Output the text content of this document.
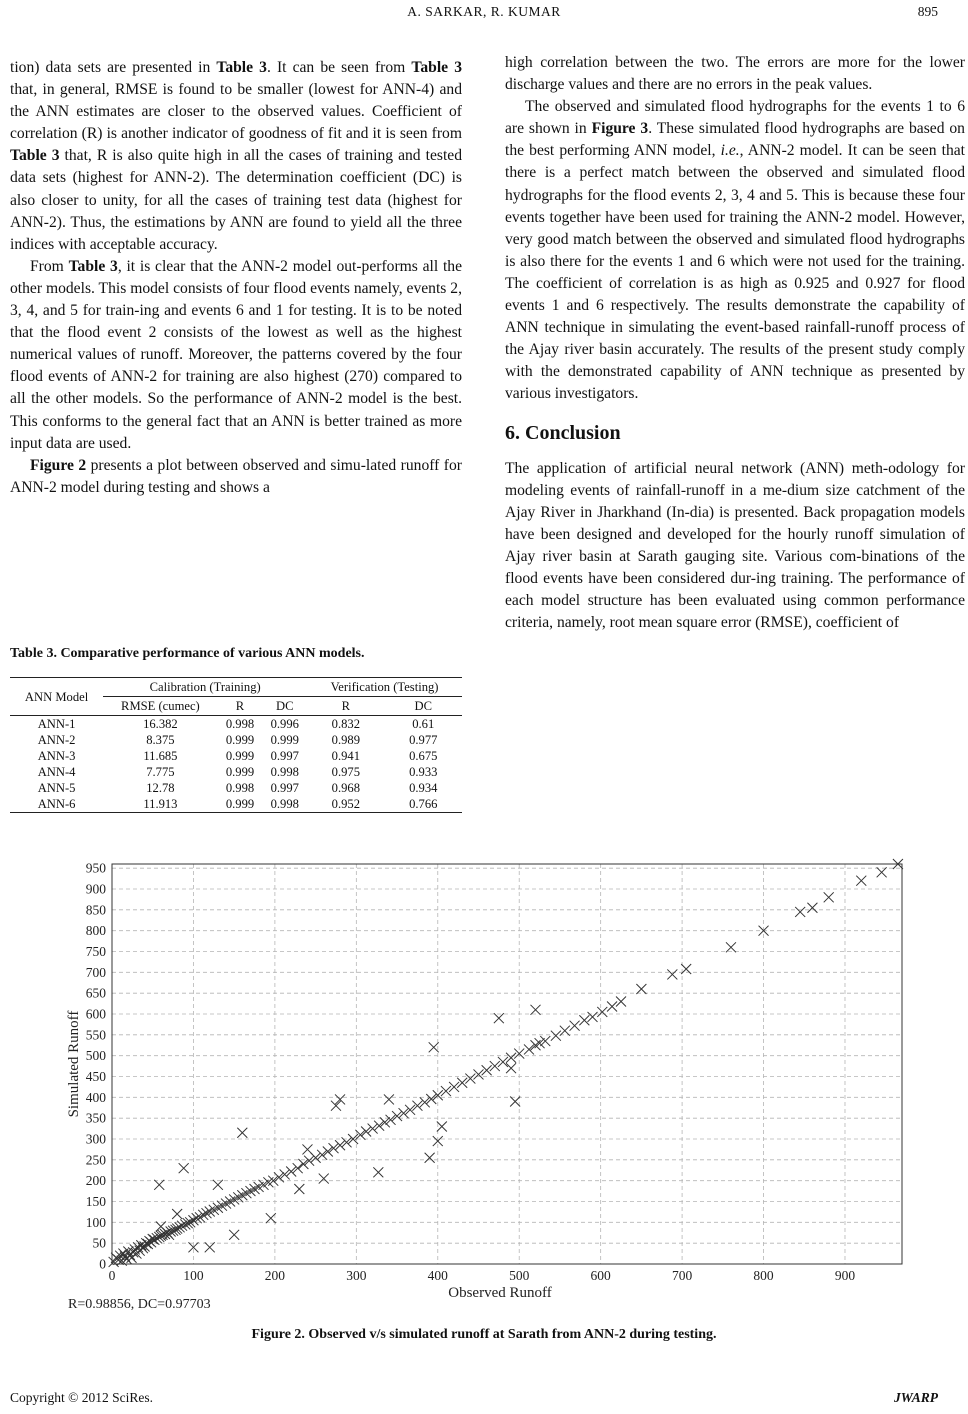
A. SARKAR, R. KUMAR	895

tion) data sets are presented in Table 3. It can be seen from Table 3 that, in general, RMSE is found to be smaller (lowest for ANN-4) and the ANN estimates are closer to the observed values. Coefficient of correlation (R) is another indicator of goodness of fit and it is seen from Table 3 that, R is also quite high in all the cases of training and tested data sets (highest for ANN-2). The determination coefficient (DC) is also closer to unity, for all the cases of training test data (highest for ANN-2). Thus, the estimations by ANN are found to yield all the three indices with acceptable accuracy.

From Table 3, it is clear that the ANN-2 model out-performs all the other models. This model consists of four flood events namely, events 2, 3, 4, and 5 for train-ing and events 6 and 1 for testing. It is to be noted that the flood event 2 consists of the lowest as well as the highest numerical values of runoff. Moreover, the patterns covered by the four flood events of ANN-2 for training are also highest (270) compared to all the other models. So the performance of ANN-2 model is the best. This conforms to the general fact that an ANN is better trained as more input data are used.

Figure 2 presents a plot between observed and simu-lated runoff for ANN-2 model during testing and shows a

Table 3. Comparative performance of various ANN models.
ANN Model	Calibration (Training)			Verification (Testing)	
	RMSE (cumec)	R	DC	R	DC
ANN-1	16.382	0.998	0.996	0.832	0.61
ANN-2	8.375	0.999	0.999	0.989	0.977
ANN-3	11.685	0.999	0.997	0.941	0.675
ANN-4	7.775	0.999	0.998	0.975	0.933
ANN-5	12.78	0.998	0.997	0.968	0.934
ANN-6	11.913	0.999	0.998	0.952	0.766

high correlation between the two. The errors are more for the lower discharge values and there are no errors in the peak values.

The observed and simulated flood hydrographs for the events 1 to 6 are shown in Figure 3. These simulated flood hydrographs are based on the best performing ANN model, i.e., ANN-2 model. It can be seen that there is a perfect match between the observed and simulated flood hydrographs for the flood events 2, 3, 4 and 5. This is because these four events together have been used for training the ANN-2 model. However, very good match between the observed and simulated flood hydrographs is also there for the events 1 and 6 which were not used for the training. The coefficient of correlation is as high as 0.925 and 0.927 for flood events 1 and 6 respectively. The results demonstrate the capability of ANN technique in simulating the event-based rainfall-runoff process of the Ajay river basin accurately. The results of the present study comply with the demonstrated capability of ANN technique as presented by various investigators.

6. Conclusion

The application of artificial neural network (ANN) meth-odology for modeling events of rainfall-runoff in a me-dium size catchment of the Ajay River in Jharkhand (In-dia) is presented. Back propagation models have been designed and developed for the hourly runoff simulation of Ajay river basin at Sarath gauging site. Various com-binations of the flood events have been considered dur-ing training. The performance of each model structure has been evaluated using common performance criteria, namely, root mean square error (RMSE), coefficient of

0
50
100
150
200
250
300
350
400
450
500
550
600
650
700
750
800
850
900
950
0	100	200	300	400	500	600	700	800	900
Observed Runoff
Simulated Runoff
R=0.98856, DC=0.97703
Figure 2. Observed v/s simulated runoff at Sarath from ANN-2 during testing.
Copyright © 2012 SciRes.	JWARP
